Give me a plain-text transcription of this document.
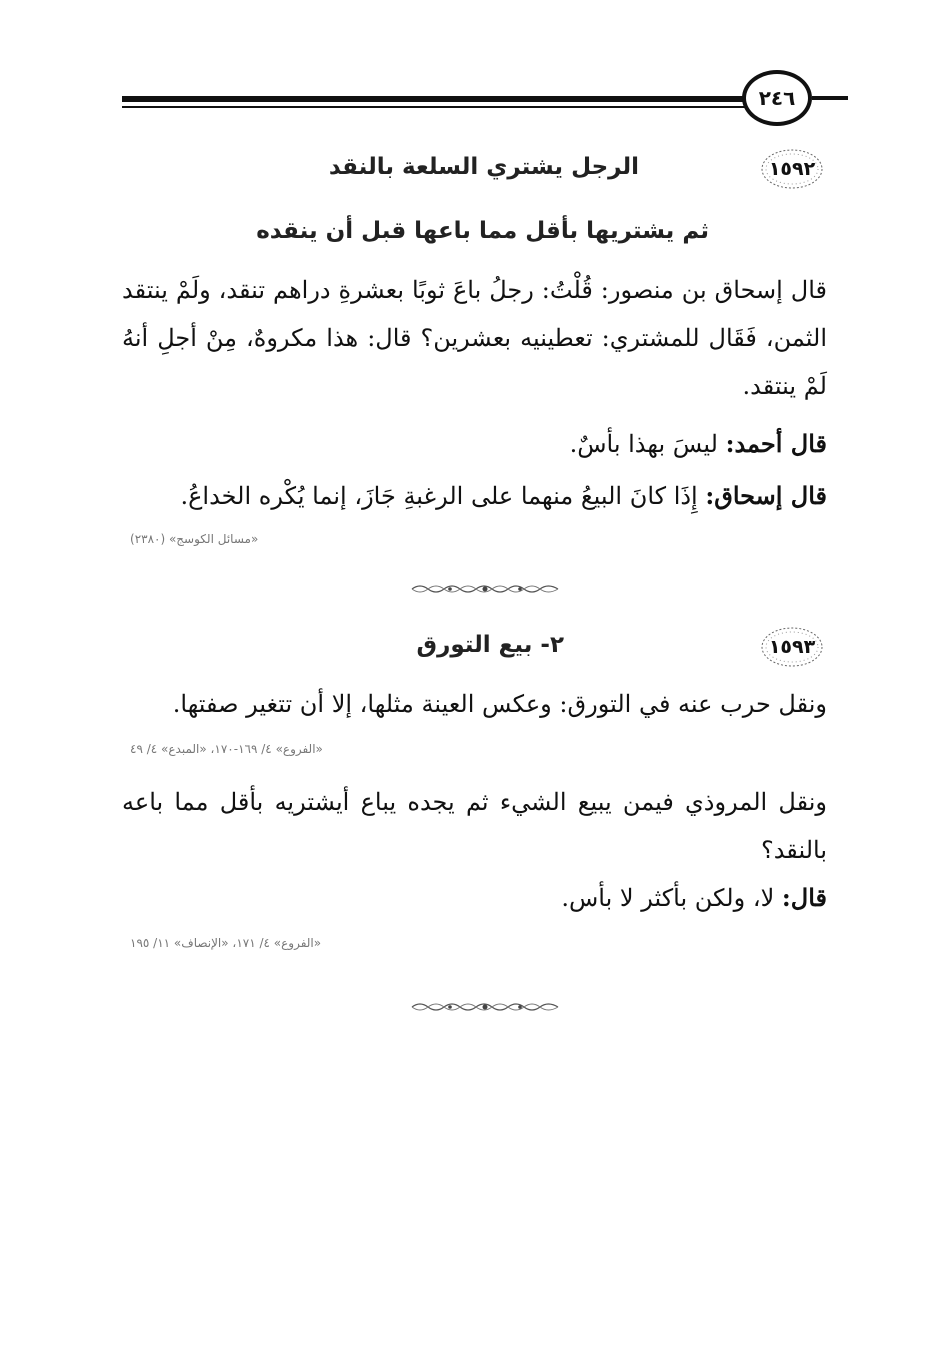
٢٤٦
١٥٩٢
الرجل يشتري السلعة بالنقد
ثم يشتريها بأقل مما باعها قبل أن ينقده
قال إسحاق بن منصور: قُلْتُ: رجلُ باعَ ثوبًا بعشرةِ دراهم تنقد، ولَمْ ينتقد الثمن، فَقَال للمشتري: تعطينيه بعشرين؟ قال: هذا مكروهٌ، مِنْ أجلِ أنهُ لَمْ ينتقد.
قال أحمد: ليسَ بهذا بأسٌ.
قال إسحاق: إِذَا كانَ البيعُ منهما على الرغبةِ جَازَ، إنما يُكْره الخداعُ.
«مسائل الكوسج» (٢٣٨٠)
١٥٩٣
٢- بيع التورق
ونقل حرب عنه في التورق: وعكس العينة مثلها، إلا أن تتغير صفتها.
«الفروع» ٤/ ١٦٩-١٧٠، «المبدع» ٤/ ٤٩
ونقل المروذي فيمن يبيع الشيء ثم يجده يباع أيشتريه بأقل مما باعه بالنقد؟
قال: لا، ولكن بأكثر لا بأس.
«الفروع» ٤/ ١٧١، «الإنصاف» ١١/ ١٩٥
